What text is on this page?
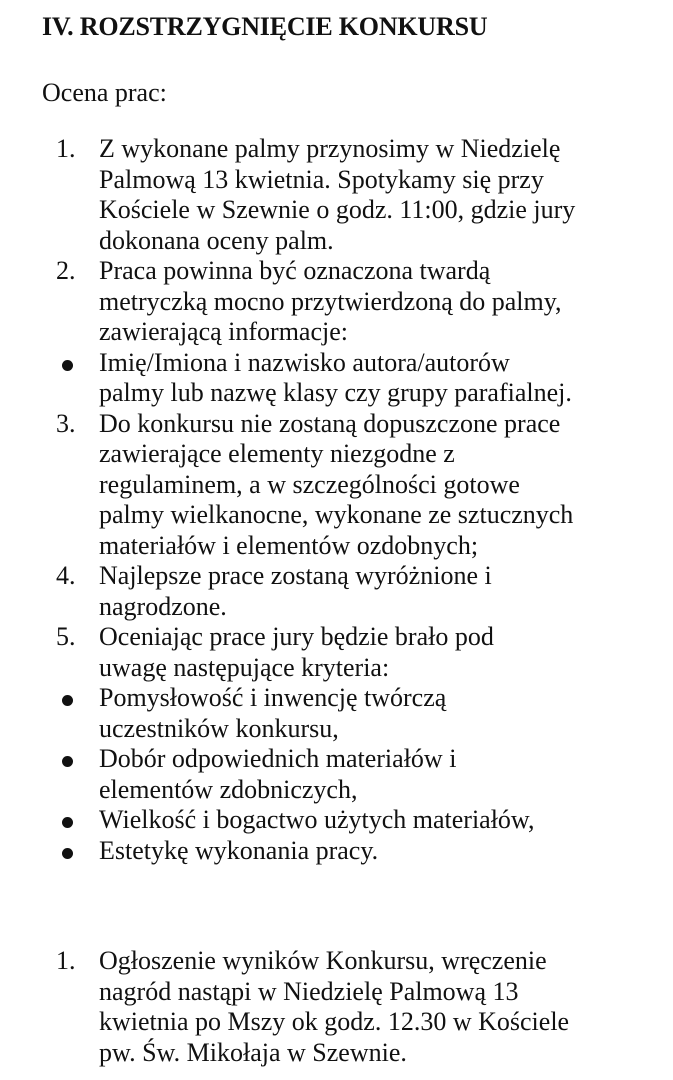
IV. ROZSTRZYGNIĘCIE KONKURSU
Ocena prac:
1. Z wykonane palmy przynosimy w Niedzielę
Palmową 13 kwietnia. Spotykamy się przy
Kościele w Szewnie o godz. 11:00, gdzie jury
dokonana oceny palm.
2. Praca powinna być oznaczona twardą
metryczką mocno przytwierdzoną do palmy,
zawierającą informacje:
Imię/Imiona i nazwisko autora/autorów
palmy lub nazwę klasy czy grupy parafialnej.
3. Do konkursu nie zostaną dopuszczone prace
zawierające elementy niezgodne z
regulaminem, a w szczególności gotowe
palmy wielkanocne, wykonane ze sztucznych
materiałów i elementów ozdobnych;
4. Najlepsze prace zostaną wyróżnione i
nagrodzone.
5. Oceniając prace jury będzie brało pod
uwagę następujące kryteria:
Pomysłowość i inwencję twórczą
uczestników konkursu,
Dobór odpowiednich materiałów i
elementów zdobniczych,
Wielkość i bogactwo użytych materiałów,
Estetykę wykonania pracy.
1. Ogłoszenie wyników Konkursu, wręczenie
nagród nastąpi w Niedzielę Palmową 13
kwietnia po Mszy ok godz. 12.30 w Kościele
pw. Św. Mikołaja w Szewnie.
